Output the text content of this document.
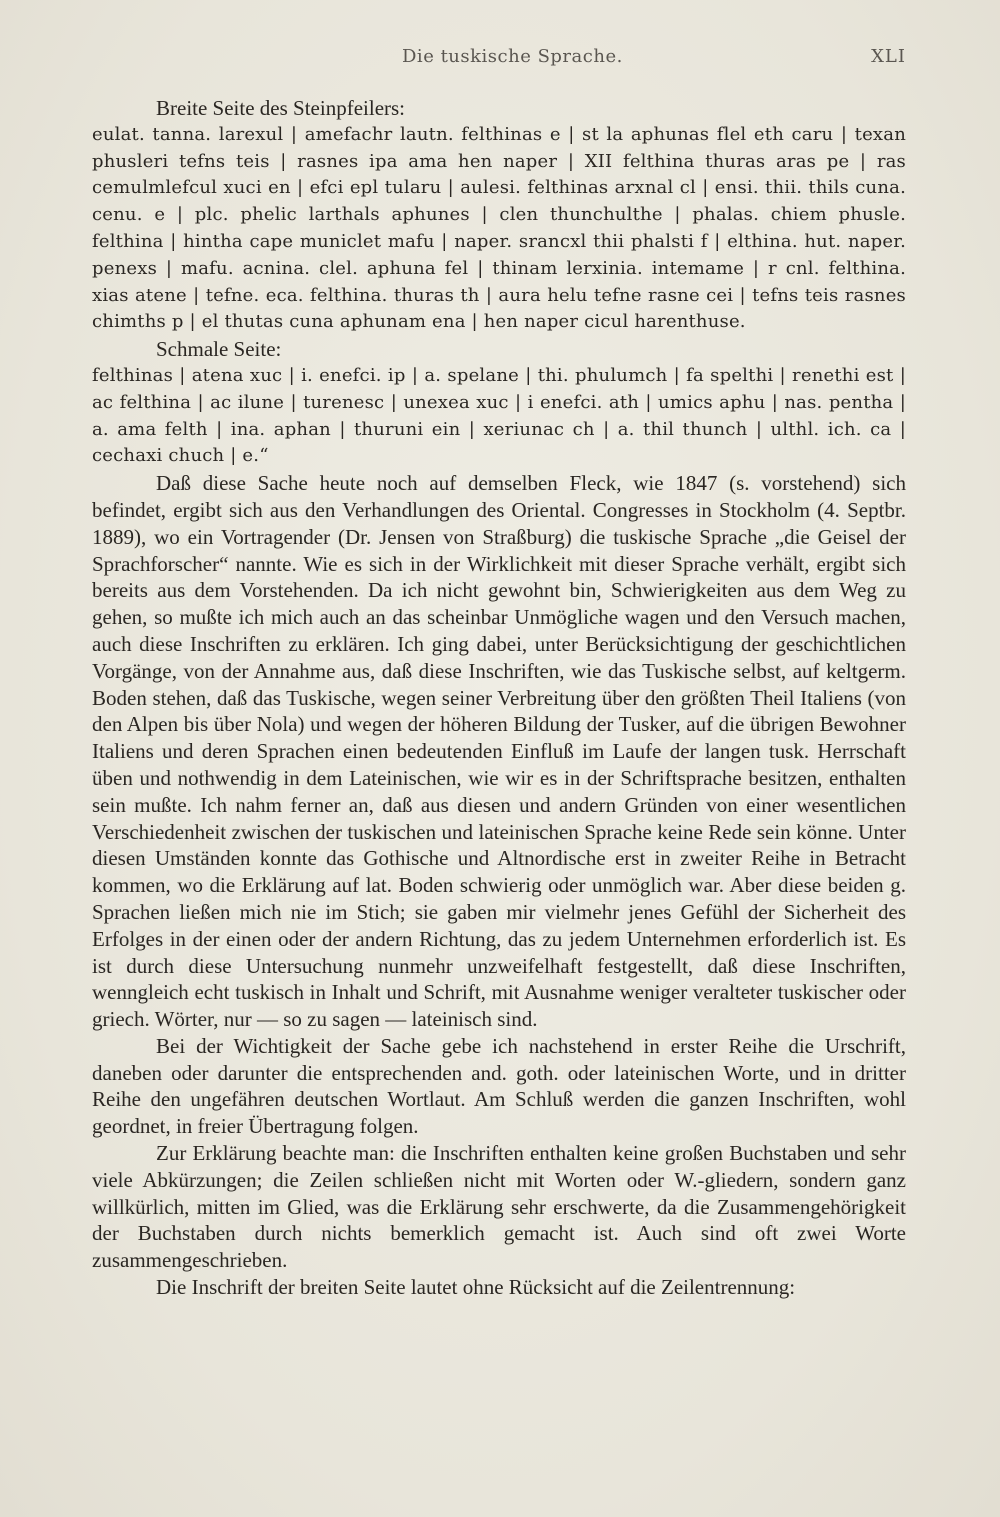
Die tuskische Sprache.	XLI

Breite Seite des Steinpfeilers:

eulat. tanna. larexul | amefachr lautn. felthinas e | st la aphunas flel eth caru | texan phusleri tefns teis | rasnes ipa ama hen naper | XII felthina thuras aras pe | ras cemulmlefcul xuci en | efci epl tularu | aulesi. felthinas arxnal cl | ensi. thii. thils cuna. cenu. e | plc. phelic larthals aphunes | clen thunchulthe | phalas. chiem phusle. felthina | hintha cape municlet mafu | naper. srancxl thii phalsti f | elthina. hut. naper. penexs | mafu. acnina. clel. aphuna fel | thinam lerxinia. intemame | r cnl. felthina. xias atene | tefne. eca. felthina. thuras th | aura helu tefne rasne cei | tefns teis rasnes chimths p | el thutas cuna aphunam ena | hen naper cicul harenthuse.

Schmale Seite:

felthinas | atena xuc | i. enefci. ip | a. spelane | thi. phulumch | fa spelthi | renethi est | ac felthina | ac ilune | turenesc | unexea xuc | i enefci. ath | umics aphu | nas. pentha | a. ama felth | ina. aphan | thuruni ein | xeriunac ch | a. thil thunch | ulthl. ich. ca | cechaxi chuch | e.“

Daß diese Sache heute noch auf demselben Fleck, wie 1847 (s. vorstehend) sich befindet, ergibt sich aus den Verhandlungen des Oriental. Congresses in Stockholm (4. Septbr. 1889), wo ein Vortragender (Dr. Jensen von Straßburg) die tuskische Sprache „die Geisel der Sprachforscher“ nannte. Wie es sich in der Wirklichkeit mit dieser Sprache verhält, ergibt sich bereits aus dem Vorstehenden. Da ich nicht gewohnt bin, Schwierigkeiten aus dem Weg zu gehen, so mußte ich mich auch an das scheinbar Unmögliche wagen und den Versuch machen, auch diese Inschriften zu erklären. Ich ging dabei, unter Berücksichtigung der geschichtlichen Vorgänge, von der Annahme aus, daß diese Inschriften, wie das Tuskische selbst, auf keltgerm. Boden stehen, daß das Tuskische, wegen seiner Verbreitung über den größten Theil Italiens (von den Alpen bis über Nola) und wegen der höheren Bildung der Tusker, auf die übrigen Bewohner Italiens und deren Sprachen einen bedeutenden Einfluß im Laufe der langen tusk. Herrschaft üben und nothwendig in dem Lateinischen, wie wir es in der Schriftsprache besitzen, enthalten sein mußte. Ich nahm ferner an, daß aus diesen und andern Gründen von einer wesentlichen Verschiedenheit zwischen der tuskischen und lateinischen Sprache keine Rede sein könne. Unter diesen Umständen konnte das Gothische und Altnordische erst in zweiter Reihe in Betracht kommen, wo die Erklärung auf lat. Boden schwierig oder unmöglich war. Aber diese beiden g. Sprachen ließen mich nie im Stich; sie gaben mir vielmehr jenes Gefühl der Sicherheit des Erfolges in der einen oder der andern Richtung, das zu jedem Unternehmen erforderlich ist. Es ist durch diese Untersuchung nunmehr unzweifelhaft festgestellt, daß diese Inschriften, wenngleich echt tuskisch in Inhalt und Schrift, mit Ausnahme weniger veralteter tuskischer oder griech. Wörter, nur — so zu sagen — lateinisch sind.

Bei der Wichtigkeit der Sache gebe ich nachstehend in erster Reihe die Urschrift, daneben oder darunter die entsprechenden and. goth. oder lateinischen Worte, und in dritter Reihe den ungefähren deutschen Wortlaut. Am Schluß werden die ganzen Inschriften, wohl geordnet, in freier Übertragung folgen.

Zur Erklärung beachte man: die Inschriften enthalten keine großen Buchstaben und sehr viele Abkürzungen; die Zeilen schließen nicht mit Worten oder W.-gliedern, sondern ganz willkürlich, mitten im Glied, was die Erklärung sehr erschwerte, da die Zusammengehörigkeit der Buchstaben durch nichts bemerklich gemacht ist. Auch sind oft zwei Worte zusammengeschrieben.

Die Inschrift der breiten Seite lautet ohne Rücksicht auf die Zeilentrennung:
